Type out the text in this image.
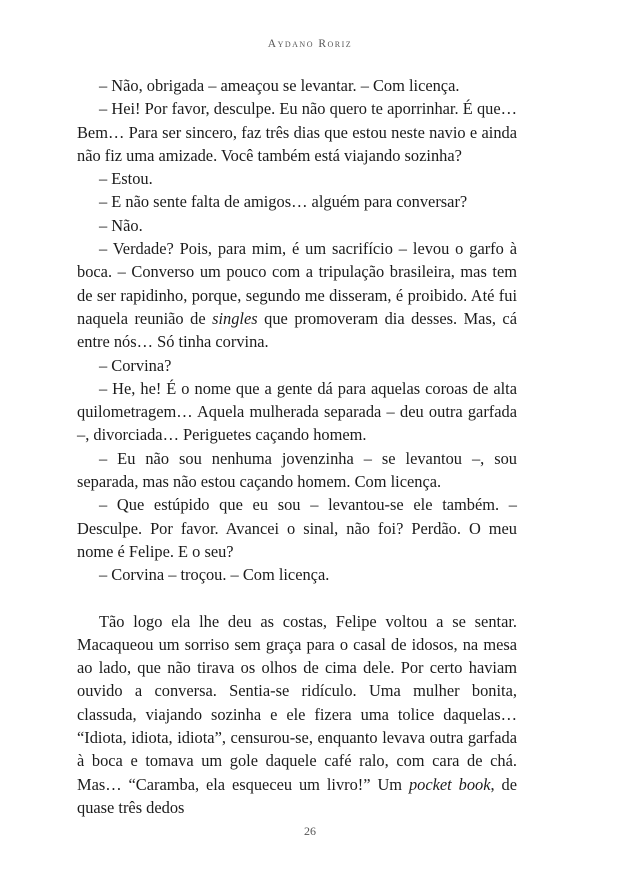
Aydano Roriz

– Não, obrigada – ameaçou se levantar. – Com licença.

– Hei! Por favor, desculpe. Eu não quero te aporrinhar. É que… Bem… Para ser sincero, faz três dias que estou neste navio e ainda não fiz uma amizade. Você também está viajando sozinha?

– Estou.

– E não sente falta de amigos… alguém para conversar?

– Não.

– Verdade? Pois, para mim, é um sacrifício – levou o garfo à boca. – Converso um pouco com a tripulação brasileira, mas tem de ser rapidinho, porque, segundo me disseram, é proibido. Até fui naquela reunião de singles que promoveram dia desses. Mas, cá entre nós… Só tinha corvina.

– Corvina?

– He, he! É o nome que a gente dá para aquelas coroas de alta quilometragem… Aquela mulherada separada – deu outra garfada –, divorciada… Periguetes caçando homem.

– Eu não sou nenhuma jovenzinha – se levantou –, sou separada, mas não estou caçando homem. Com licença.

– Que estúpido que eu sou – levantou-se ele também. – Desculpe. Por favor. Avancei o sinal, não foi? Perdão. O meu nome é Felipe. E o seu?

– Corvina – troçou. – Com licença.

Tão logo ela lhe deu as costas, Felipe voltou a se sentar. Macaqueou um sorriso sem graça para o casal de idosos, na mesa ao lado, que não tirava os olhos de cima dele. Por certo haviam ouvido a conversa. Sentia-se ridículo. Uma mulher bonita, classuda, viajando sozinha e ele fizera uma tolice daquelas… “Idiota, idiota, idiota”, censurou-se, enquanto levava outra garfada à boca e tomava um gole daquele café ralo, com cara de chá. Mas… “Caramba, ela esqueceu um livro!” Um pocket book, de quase três dedos

26
